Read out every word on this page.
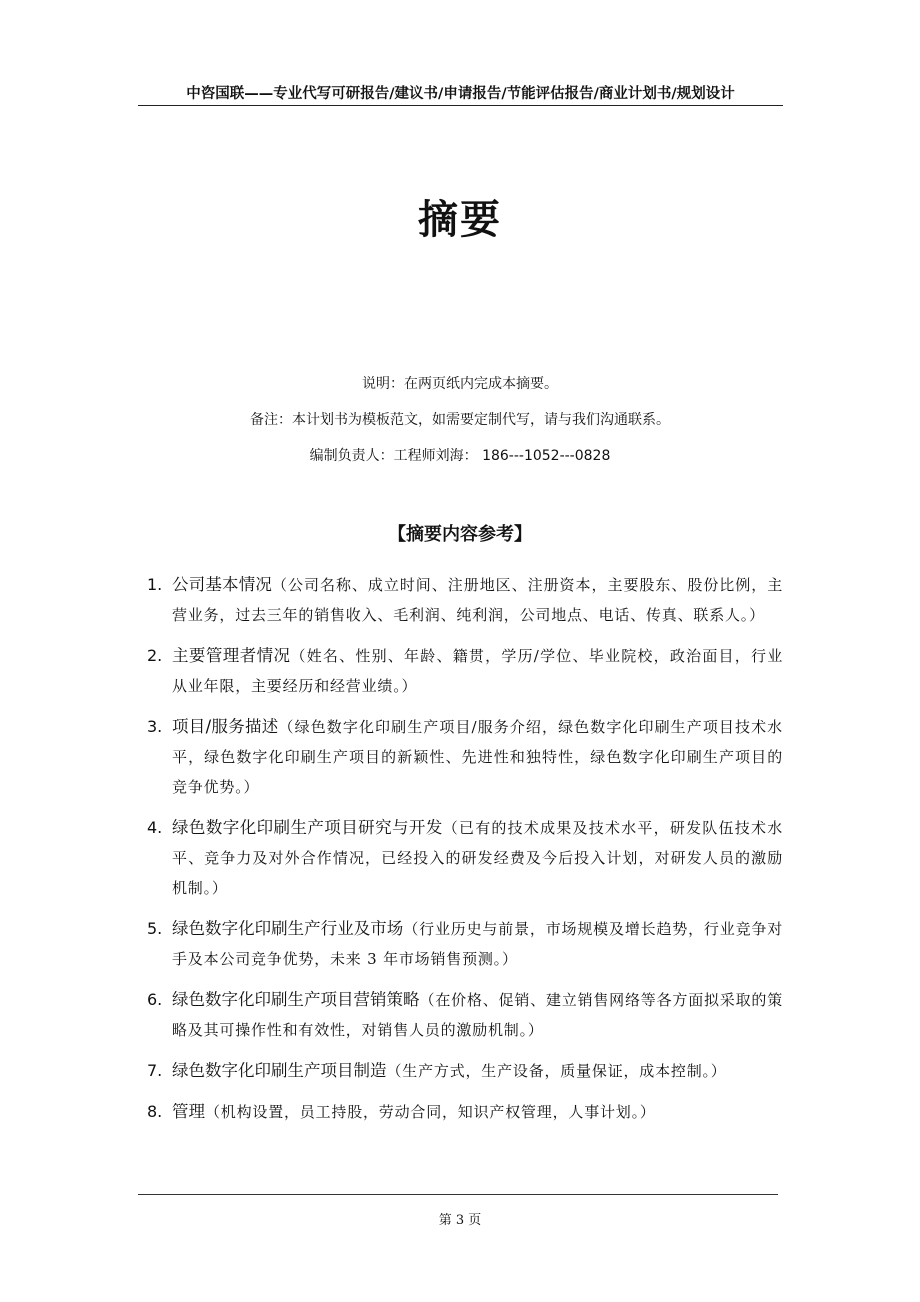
中咨国联——专业代写可研报告/建议书/申请报告/节能评估报告/商业计划书/规划设计
摘要
说明：在两页纸内完成本摘要。
备注：本计划书为模板范文，如需要定制代写，请与我们沟通联系。
编制负责人：工程师刘海： 186---1052---0828
【摘要内容参考】
1. 公司基本情况（公司名称、成立时间、注册地区、注册资本，主要股东、股份比例，主营业务，过去三年的销售收入、毛利润、纯利润，公司地点、电话、传真、联系人。）
2. 主要管理者情况（姓名、性别、年龄、籍贯，学历/学位、毕业院校，政治面目，行业从业年限，主要经历和经营业绩。）
3. 项目/服务描述（绿色数字化印刷生产项目/服务介绍，绿色数字化印刷生产项目技术水平，绿色数字化印刷生产项目的新颖性、先进性和独特性，绿色数字化印刷生产项目的竞争优势。）
4. 绿色数字化印刷生产项目研究与开发（已有的技术成果及技术水平，研发队伍技术水平、竞争力及对外合作情况，已经投入的研发经费及今后投入计划，对研发人员的激励机制。）
5. 绿色数字化印刷生产行业及市场（行业历史与前景，市场规模及增长趋势，行业竞争对手及本公司竞争优势，未来 3 年市场销售预测。）
6. 绿色数字化印刷生产项目营销策略（在价格、促销、建立销售网络等各方面拟采取的策略及其可操作性和有效性，对销售人员的激励机制。）
7. 绿色数字化印刷生产项目制造（生产方式，生产设备，质量保证，成本控制。）
8. 管理（机构设置，员工持股，劳动合同，知识产权管理，人事计划。）
第 3 页
